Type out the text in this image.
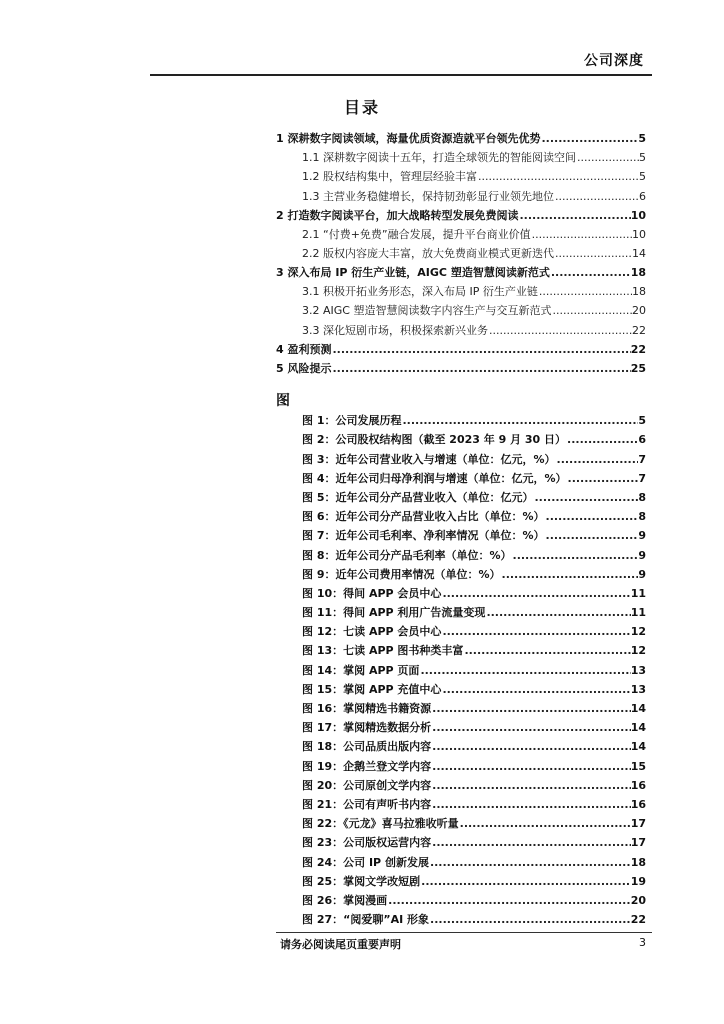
公司深度
目录
1 深耕数字阅读领域，海量优质资源造就平台领先优势 .....	5
1.1 深耕数字阅读十五年，打造全球领先的智能阅读空间 .....	5
1.2 股权结构集中，管理层经验丰富 .....	5
1.3 主营业务稳健增长，保持韧劲彰显行业领先地位 .....	6
2 打造数字阅读平台，加大战略转型发展免费阅读 .....	10
2.1 “付费+免费”融合发展，提升平台商业价值 .....	10
2.2 版权内容庞大丰富，放大免费商业模式更新迭代 .....	14
3 深入布局 IP 衍生产业链，AIGC 塑造智慧阅读新范式 .....	18
3.1 积极开拓业务形态，深入布局 IP 衍生产业链 .....	18
3.2 AIGC 塑造智慧阅读数字内容生产与交互新范式 .....	20
3.3 深化短剧市场，积极探索新兴业务 .....	22
4 盈利预测 .....	22
5 风险提示 .....	25
图
图 1：公司发展历程 .....	5
图 2：公司股权结构图（截至 2023 年 9 月 30 日） .....	6
图 3：近年公司营业收入与增速（单位：亿元，%） .....	7
图 4：近年公司归母净利润与增速（单位：亿元，%） .....	7
图 5：近年公司分产品营业收入（单位：亿元） .....	8
图 6：近年公司分产品营业收入占比（单位：%） .....	8
图 7：近年公司毛利率、净利率情况（单位：%） .....	9
图 8：近年公司分产品毛利率（单位：%） .....	9
图 9：近年公司费用率情况（单位：%） .....	9
图 10：得间 APP 会员中心 .....	11
图 11：得间 APP 利用广告流量变现 .....	11
图 12：七读 APP 会员中心 .....	12
图 13：七读 APP 图书种类丰富 .....	12
图 14：掌阅 APP 页面 .....	13
图 15：掌阅 APP 充值中心 .....	13
图 16：掌阅精选书籍资源 .....	14
图 17：掌阅精选数据分析 .....	14
图 18：公司品质出版内容 .....	14
图 19：企鹅兰登文学内容 .....	15
图 20：公司原创文学内容 .....	16
图 21：公司有声听书内容 .....	16
图 22：《元龙》喜马拉雅收听量 .....	17
图 23：公司版权运营内容 .....	17
图 24：公司 IP 创新发展 .....	18
图 25：掌阅文学改短剧 .....	19
图 26：掌阅漫画 .....	20
图 27：“阅爱聊”AI 形象 .....	22
请务必阅读尾页重要声明	3
